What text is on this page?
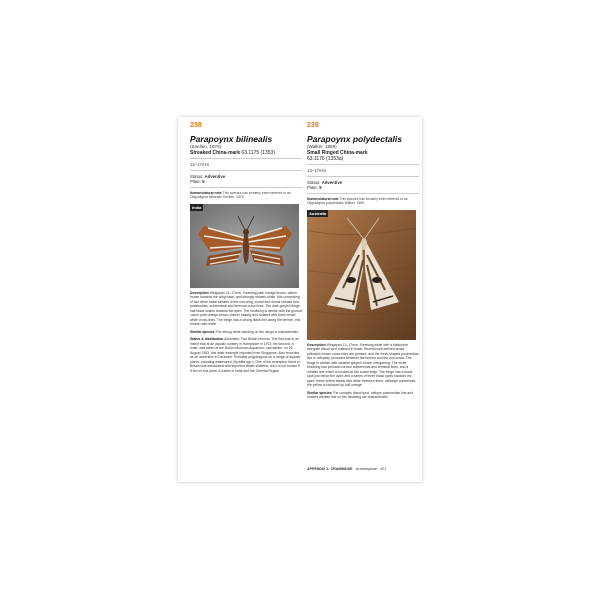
238
Parapoynx bilinealis
(Snellen, 1876)
Streaked China-mark 63.1175 (1353)
14–17mm
Status: Adventive
Plate: 9
Nomenclatural note This species has formerly been referred to as Oligostigma bilinealis Snellen, 1876.
India
Description Wingspan 14–17mm. Forewing pale orange-brown, darker brown towards the wing base, and strongly striated white, this comprising of two white basal streaks to the mid-wing, costal and dorsal streaks and postmedian, subterminal and terminal cross lines. The dark greyish fringe has black scales towards the apex. The hindwing is similar with the ground colour pale orange-brown, darker basally and striated with three broad white cross-lines. The fringe has a strong black line along the termen, this broken with white.
Similar species The strong white banding on the wings is characteristic.
Status & distribution Adventive. Two British records. The first was in an insect trap at an aquatic nursery in Hampshire in 1972; the second, a male, was taken at the Bolton Museum Aquarium, Lancashire, on 26 August 1983, this latter example imported from Singapore. Also recorded as an adventive in Denmark. Probably polyphagous on a range of aquatic plants, including waterweed (Hydrilla spp.). One of the examples found in Britain was associated with imported Water Wisteria, but it is not known if it fed on this plant. A native of India and the Oriental Region.
239
Parapoynx polydectalis
(Walker, 1859)
Small Ringed China-mark
63.1176 (1353a)
13–17mm
Status: Adventive
Plate: 9
Nomenclatural note This species has formerly been referred to as Oligostigma polydectalis Walker, 1859.
Australia
Description Wingspan 13–17mm. Forewing white with a distinctive elongate discal spot outlined in black. Several well-defined broad yellowish-brown cross-lines are present, and the fresh-shaped postmedian line is obliquely produced between the termen and the mid-costa. The fringe is whitish with variable greyish-brown chequering. The white hindwing has yellowish-brown subterminal and terminal lines, and a median line which is hooked at the costal edge. The fringe has a black spot just below the apex and a series of three black spots towards the apex, these yellow bands with white between them, although sometimes the yellow is replaced by dull orange.
Similar species The complex discal spot, oblique postmedian line and hooked median line on the hindwing are characteristic.
APPENDIX 1: CRAMBIDAE · Acentropinae · 421
